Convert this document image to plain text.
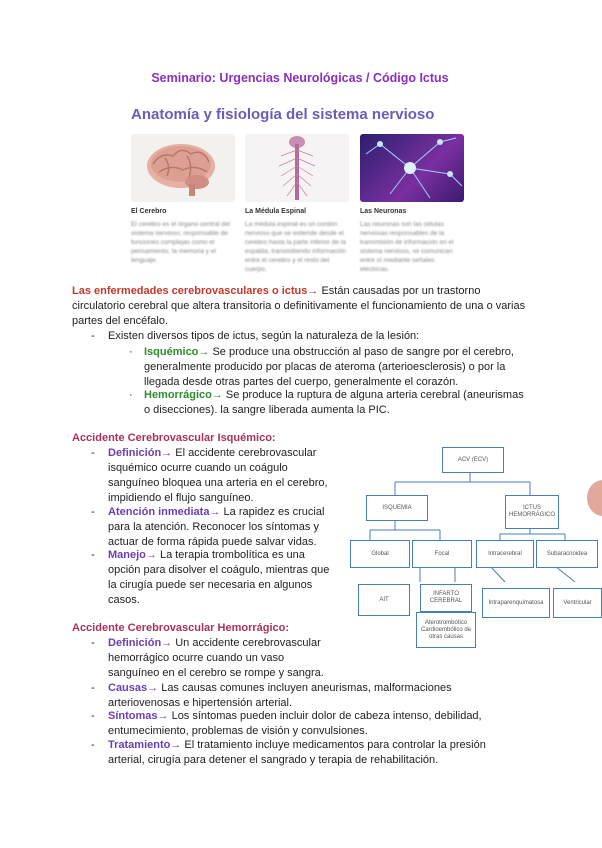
Seminario: Urgencias Neurológicas / Código Ictus
Anatomía y fisiología del sistema nervioso
El Cerebro	La Médula Espinal	Las Neuronas
El cerebro es el órgano central del sistema nervioso, responsable de funciones complejas como el pensamiento, la memoria y el lenguaje.
La médula espinal es un cordón nervioso que se extiende desde el cerebro hasta la parte inferior de la espalda, transmitiendo información entre el cerebro y el resto del cuerpo.
Las neuronas son las células nerviosas responsables de la transmisión de información en el sistema nervioso, se comunican entre sí mediante señales eléctricas.
Las enfermedades cerebrovasculares o ictus→ Están causadas por un trastorno circulatorio cerebral que altera transitoria o definitivamente el funcionamiento de una o varias partes del encéfalo.
- Existen diversos tipos de ictus, según la naturaleza de la lesión:
· Isquémico→ Se produce una obstrucción al paso de sangre por el cerebro, generalmente producido por placas de ateroma (arterioesclerosis) o por la llegada desde otras partes del cuerpo, generalmente el corazón.
· Hemorrágico→ Se produce la ruptura de alguna arteria cerebral (aneurismas o disecciones). la sangre liberada aumenta la PIC.
Accidente Cerebrovascular Isquémico:
- Definición→ El accidente cerebrovascular isquémico ocurre cuando un coágulo sanguíneo bloquea una arteria en el cerebro, impidiendo el flujo sanguíneo.
- Atención inmediata→ La rapidez es crucial para la atención. Reconocer los síntomas y actuar de forma rápida puede salvar vidas.
- Manejo→ La terapia trombolítica es una opción para disolver el coágulo, mientras que la cirugía puede ser necesaria en algunos casos.
ACV (ECV)
ISQUEMIA	ICTUS HEMORRÁGICO
Global	Focal	Intracerebral	Subaracnoidea
AIT
INFARTO CEREBRAL
Aterotrombótico Cardioembólico de otras causas
Intraparenquimatosa	Ventricular
Accidente Cerebrovascular Hemorrágico:
- Definición→ Un accidente cerebrovascular hemorrágico ocurre cuando un vaso sanguíneo en el cerebro se rompe y sangra.
- Causas→ Las causas comunes incluyen aneurismas, malformaciones arteriovenosas e hipertensión arterial.
- Síntomas→ Los síntomas pueden incluir dolor de cabeza intenso, debilidad, entumecimiento, problemas de visión y convulsiones.
- Tratamiento→ El tratamiento incluye medicamentos para controlar la presión arterial, cirugía para detener el sangrado y terapia de rehabilitación.
